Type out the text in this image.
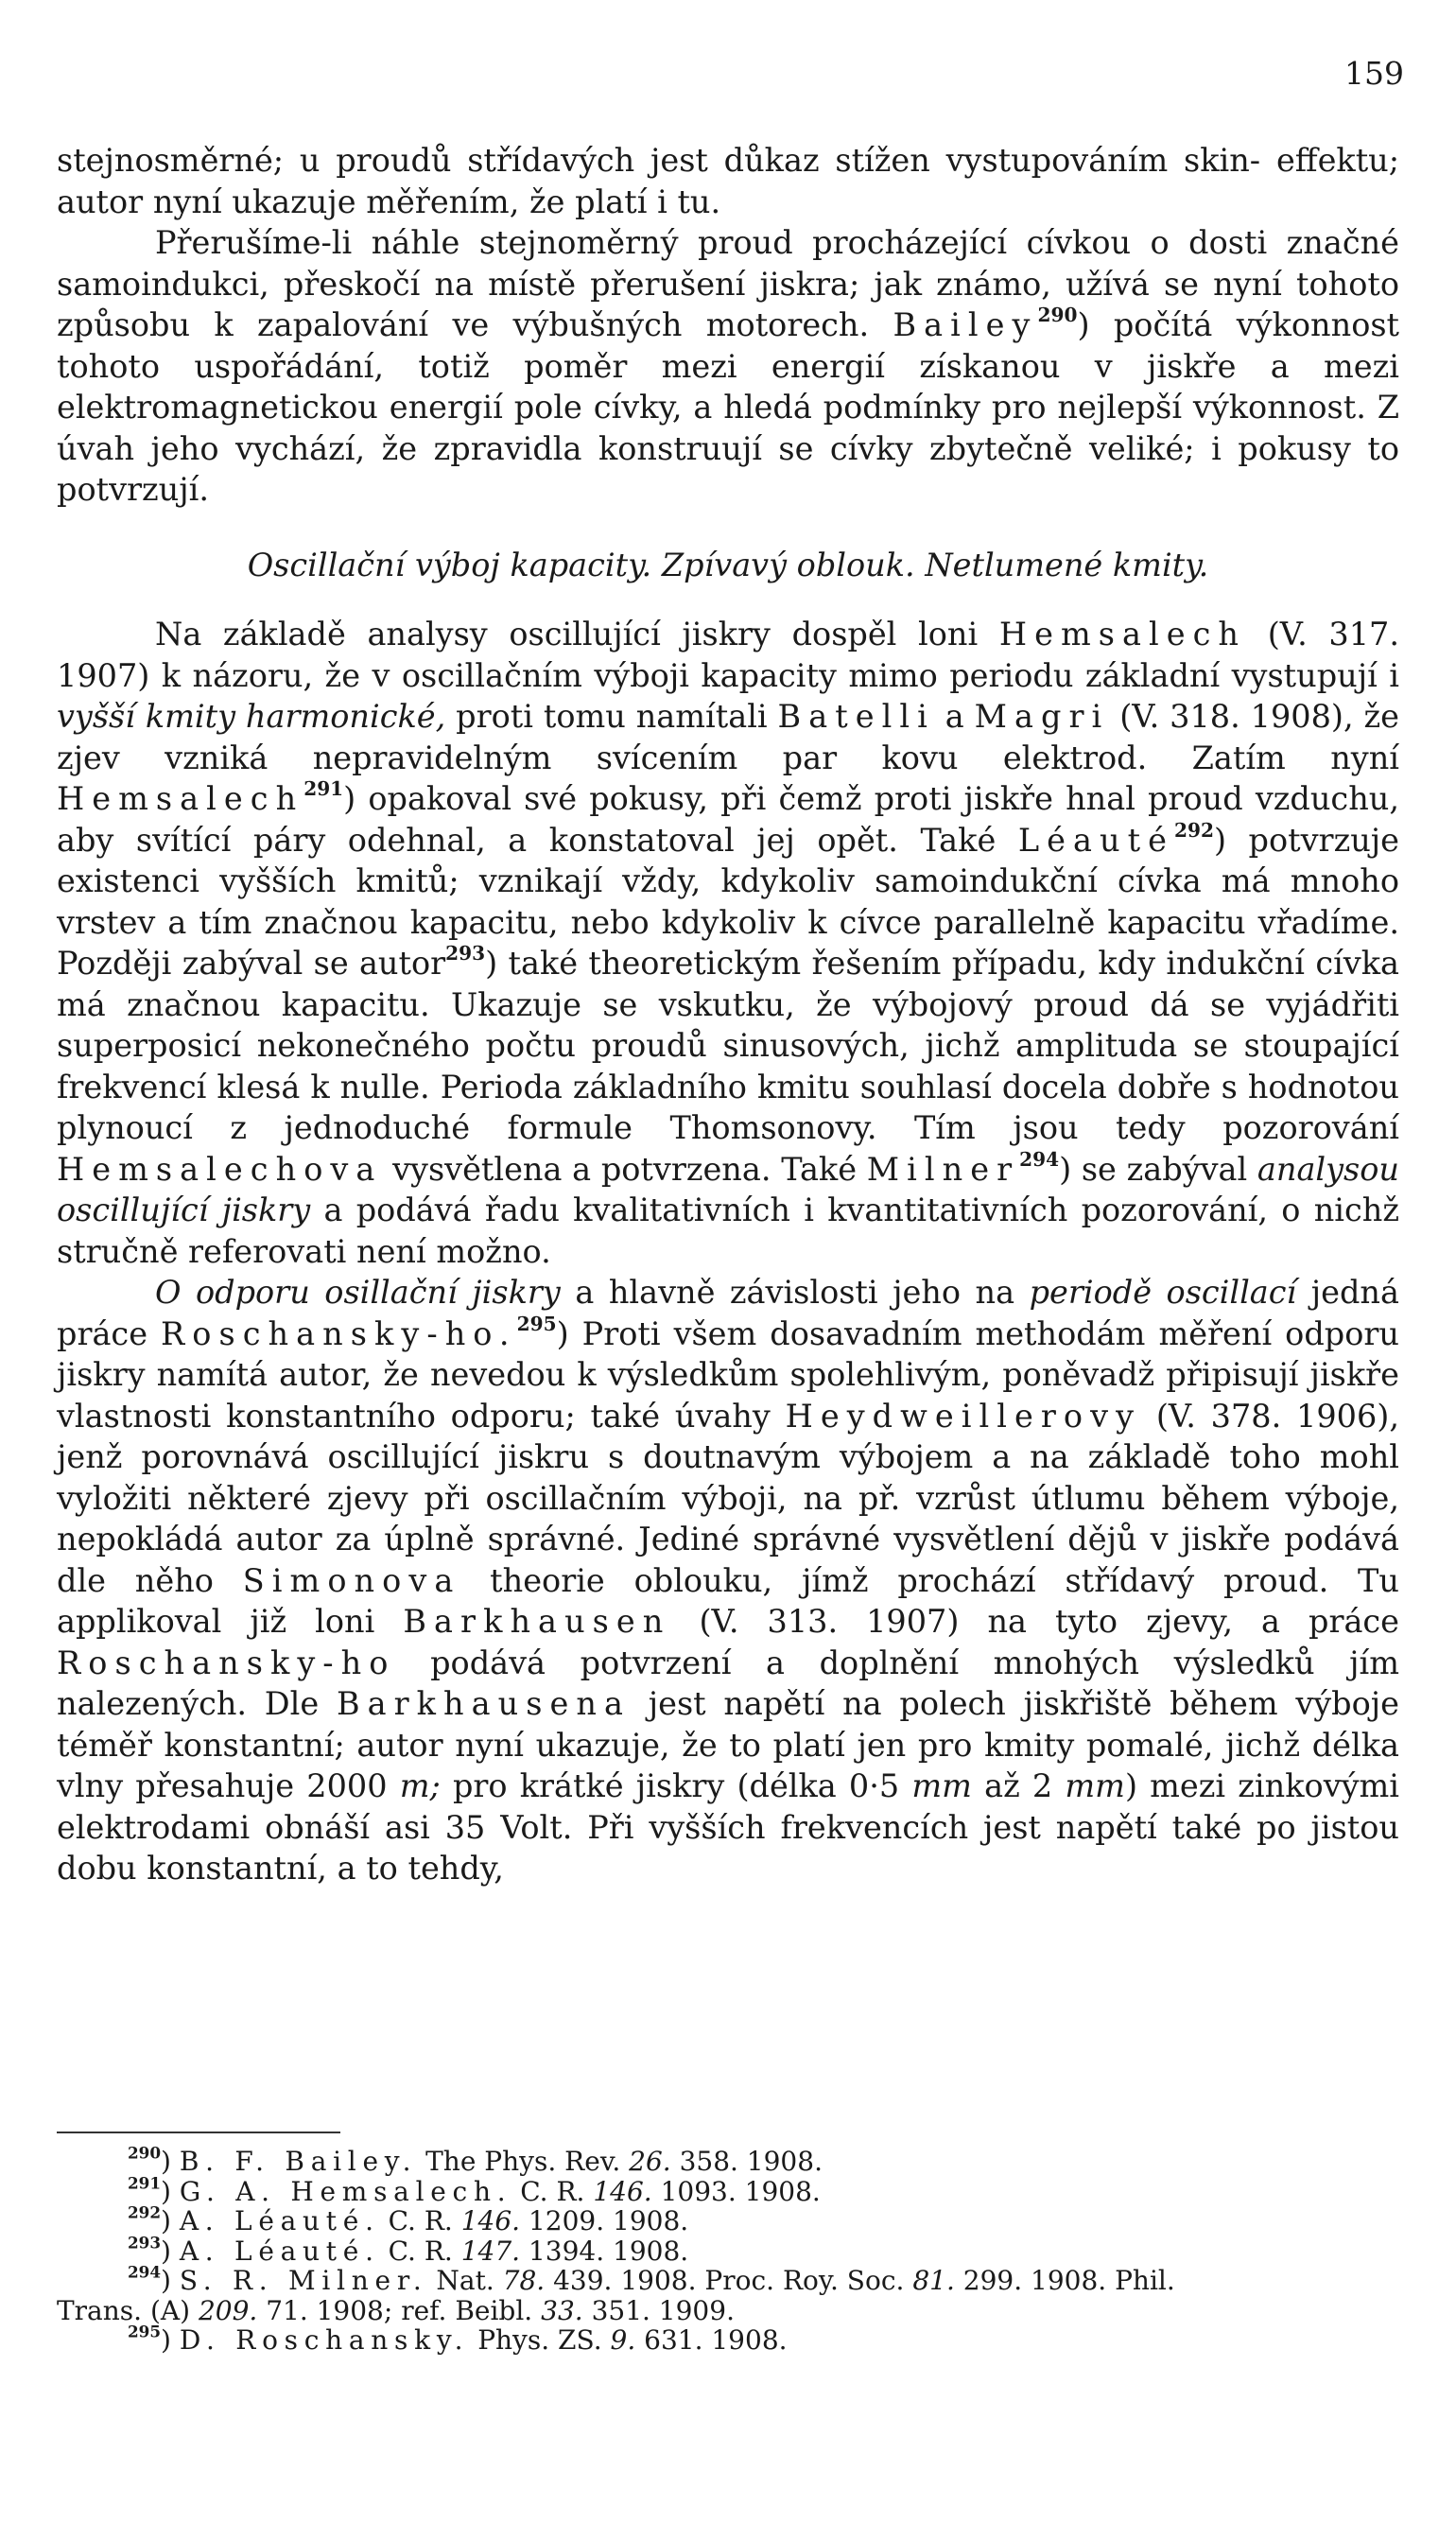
159

stejnosměrné; u proudů střídavých jest důkaz stížen vystupováním skin- effektu; autor nyní ukazuje měřením, že platí i tu.

Přerušíme-li náhle stejnoměrný proud procházející cívkou o dosti značné samoindukci, přeskočí na místě přerušení jiskra; jak známo, užívá se nyní tohoto způsobu k zapalování ve výbušných motorech. Bailey$^{290}$) počítá výkonnost tohoto uspořádání, totiž poměr mezi energií získanou v jiskře a mezi elektromagnetickou energií pole cívky, a hledá podmínky pro nejlepší výkonnost. Z úvah jeho vychází, že zpravidla konstruují se cívky zbytečně veliké; i pokusy to potvrzují.

Oscillační výboj kapacity. Zpívavý oblouk. Netlumené kmity.

Na základě analysy oscillující jiskry dospěl loni Hemsalech (V. 317. 1907) k názoru, že v oscillačním výboji kapacity mimo periodu základní vystupují i vyšší kmity harmonické, proti tomu namítali Batelli a Magri (V. 318. 1908), že zjev vzniká nepravidelným svícením par kovu elektrod. Zatím nyní Hemsalech$^{291}$) opakoval své pokusy, při čemž proti jiskře hnal proud vzduchu, aby svítící páry odehnal, a konstatoval jej opět. Také Léauté$^{292}$) potvrzuje existenci vyšších kmitů; vznikají vždy, kdykoliv samoindukční cívka má mnoho vrstev a tím značnou kapacitu, nebo kdykoliv k cívce parallelně kapacitu vřadíme. Později zabýval se autor$^{293}$) také theoretickým řešením případu, kdy indukční cívka má značnou kapacitu. Ukazuje se vskutku, že výbojový proud dá se vyjádřiti superposicí nekonečného počtu proudů sinusových, jichž amplituda se stoupající frekvencí klesá k nulle. Perioda základního kmitu souhlasí docela dobře s hodnotou plynoucí z jednoduché formule Thomsonovy. Tím jsou tedy pozorování Hemsalechova vysvětlena a potvrzena. Také Milner$^{294}$) se zabýval analysou oscillující jiskry a podává řadu kvalitativních i kvantitativních pozorování, o nichž stručně referovati není možno.

O odporu osillační jiskry a hlavně závislosti jeho na periodě oscillací jedná práce Roschansky-ho.$^{295}$) Proti všem dosavadním methodám měření odporu jiskry namítá autor, že nevedou k výsledkům spolehlivým, poněvadž připisují jiskře vlastnosti konstantního odporu; také úvahy Heydweillerovy (V. 378. 1906), jenž porovnává oscillující jiskru s doutnavým výbojem a na základě toho mohl vyložiti některé zjevy při oscillačním výboji, na př. vzrůst útlumu během výboje, nepokládá autor za úplně správné. Jediné správné vysvětlení dějů v jiskře podává dle něho Simonova theorie oblouku, jímž prochází střídavý proud. Tu applikoval již loni Barkhausen (V. 313. 1907) na tyto zjevy, a práce Roschansky-ho podává potvrzení a doplnění mnohých výsledků jím nalezených. Dle Barkhausena jest napětí na polech jiskřiště během výboje téměř konstantní; autor nyní ukazuje, že to platí jen pro kmity pomalé, jichž délka vlny přesahuje 2000 m; pro krátké jiskry (délka 0·5 mm až 2 mm) mezi zinkovými elektrodami obnáší asi 35 Volt. Při vyšších frekvencích jest napětí také po jistou dobu konstantní, a to tehdy,

$^{290}$) B. F. Bailey. The Phys. Rev. 26. 358. 1908.

$^{291}$) G. A. Hemsalech. C. R. 146. 1093. 1908.

$^{292}$) A. Léauté. C. R. 146. 1209. 1908.

$^{293}$) A. Léauté. C. R. 147. 1394. 1908.

$^{294}$) S. R. Milner. Nat. 78. 439. 1908. Proc. Roy. Soc. 81. 299. 1908. Phil.

Trans. (A) 209. 71. 1908; ref. Beibl. 33. 351. 1909.

$^{295}$) D. Roschansky. Phys. ZS. 9. 631. 1908.
